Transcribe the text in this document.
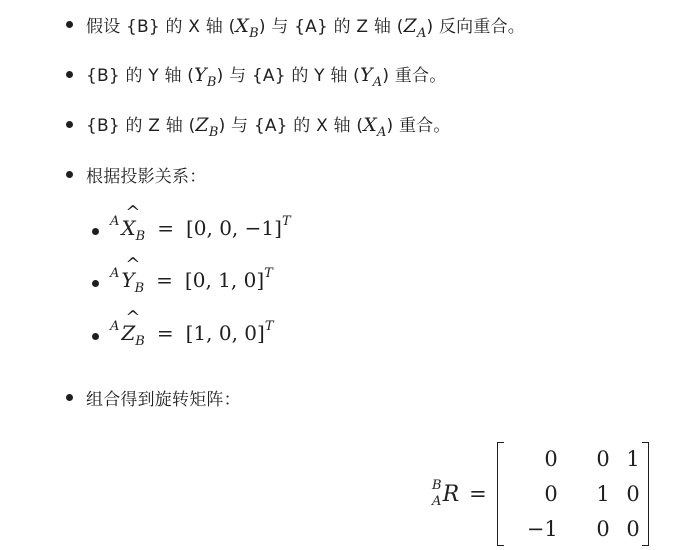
假设 {B} 的 X 轴 $(X_B)$ 与 {A} 的 Z 轴 $(Z_A)$ 反向重合。
{B} 的 Y 轴 $(Y_B)$ 与 {A} 的 Y 轴 $(Y_A)$ 重合。
{B} 的 Z 轴 $(Z_B)$ 与 {A} 的 X 轴 $(X_A)$ 重合。
根据投影关系：
A X
^
B = [0, 0, −1] T
A Y
^
B = [0, 1, 0] T
A Z
^
B = [1, 0, 0] T
组合得到旋转矩阵：
B
A R =
0	0 1
0	1 0
−1	0 0
